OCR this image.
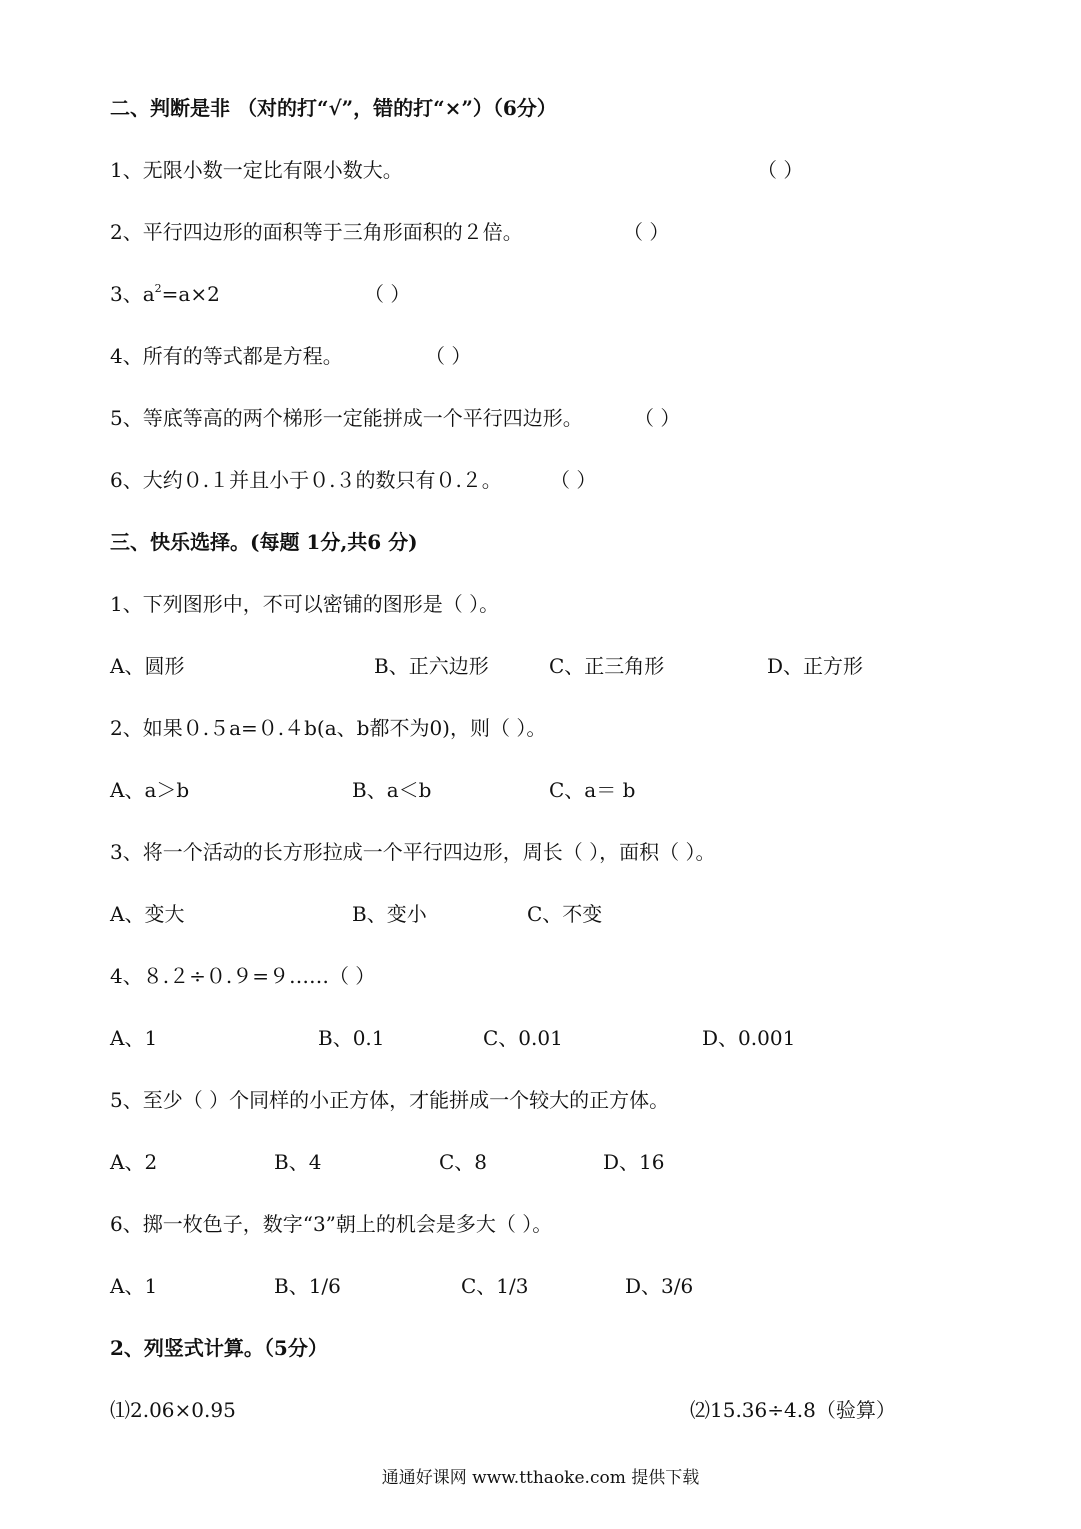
二、判断是非 （对的打“√”，错的打“×”）（6分）

1、无限小数一定比有限小数大。	（ ）

2、平行四边形的面积等于三角形面积的２倍。	（ ）

3、$a^2=a\times 2$	（ ）

4、所有的等式都是方程。	（ ）

5、等底等高的两个梯形一定能拼成一个平行四边形。	（ ）

6、大约０.１并且小于０.３的数只有０.２。 （ ）

三、快乐选择。(每题 1分,共6 分)

1、下列图形中，不可以密铺的图形是（ ）。

A、圆形	B、正六边形	C、正三角形	D、正方形

2、如果０.５a=０.４b(a、b都不为0)，则（ ）。

A、a＞b	B、a＜b	C、a＝ b

3、将一个活动的长方形拉成一个平行四边形，周长（ ），面积（ ）。

A、变大	B、变小	C、不变

4、８.２÷０.９=９……（ ）

A、1	B、0.1	C、0.01	D、0.001

5、至少（ ）个同样的小正方体，才能拼成一个较大的正方体。

A、2	B、4	C、8	D、16

6、掷一枚色子，数字“3”朝上的机会是多大（ ）。

A、1	B、1/6	C、1/3	D、3/6

2、列竖式计算。（5分）

⑴2.06×0.95	⑵15.36÷4.8（验算）
通通好课网 www.tthaoke.com 提供下载
